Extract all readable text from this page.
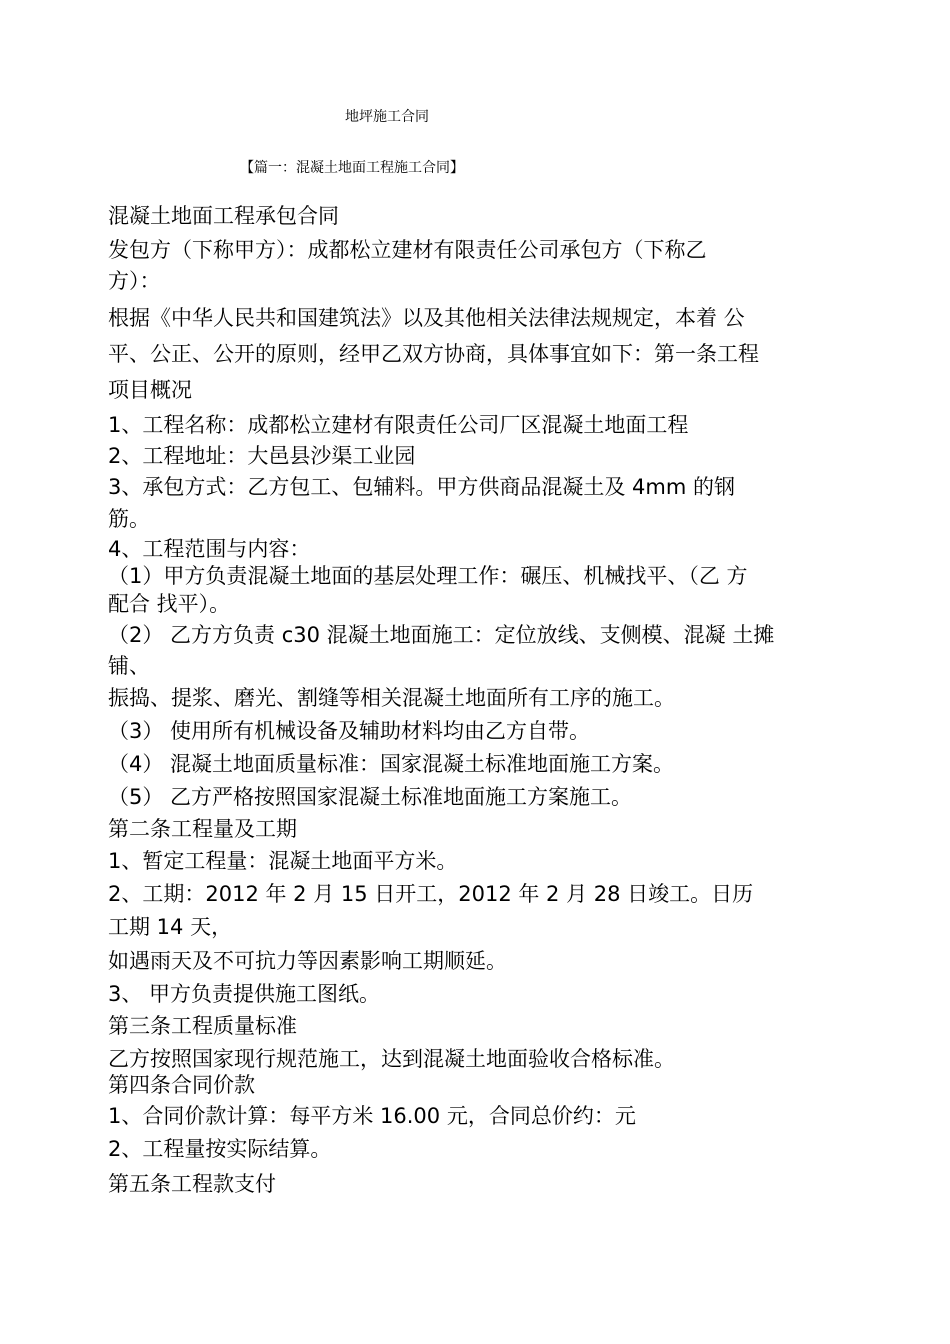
地坪施工合同
【篇一：混凝土地面工程施工合同】
混凝土地面工程承包合同
发包方（下称甲方）：成都松立建材有限责任公司承包方（下称乙
方）：
根据《中华人民共和国建筑法》以及其他相关法律法规规定，本着 公
平、公正、公开的原则，经甲乙双方协商，具体事宜如下：第一条工程
项目概况
1、工程名称：成都松立建材有限责任公司厂区混凝土地面工程
2、工程地址：大邑县沙渠工业园
3、承包方式：乙方包工、包辅料。甲方供商品混凝土及 4mm 的钢
筋。
4、工程范围与内容：
（1）甲方负责混凝土地面的基层处理工作：碾压、机械找平、（乙 方
配合 找平）。
（2） 乙方方负责 c30 混凝土地面施工：定位放线、支侧模、混凝 土摊
铺、
振捣、提浆、磨光、割缝等相关混凝土地面所有工序的施工。
（3） 使用所有机械设备及辅助材料均由乙方自带。
（4） 混凝土地面质量标准：国家混凝土标准地面施工方案。
（5） 乙方严格按照国家混凝土标准地面施工方案施工。
第二条工程量及工期
1、暂定工程量：混凝土地面平方米。
2、工期：2012 年 2 月 15 日开工，2012 年 2 月 28 日竣工。日历
工期 14 天，
如遇雨天及不可抗力等因素影响工期顺延。
3、 甲方负责提供施工图纸。
第三条工程质量标准
乙方按照国家现行规范施工，达到混凝土地面验收合格标准。
第四条合同价款
1、合同价款计算：每平方米 16.00 元，合同总价约：元
2、工程量按实际结算。
第五条工程款支付
